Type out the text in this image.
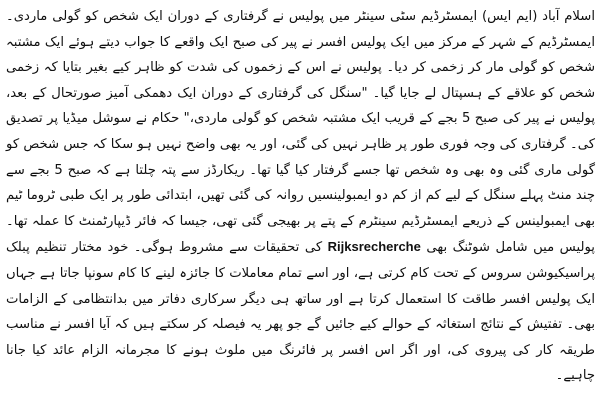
اسلام آباد (ایم ایس) ایمسٹرڈیم سٹی سینٹر میں پولیس نے گرفتاری کے دوران ایک شخص کو گولی ماردی۔ ایمسٹرڈیم کے شہر کے مرکز میں ایک پولیس افسر نے پیر کی صبح ایک واقعے کا جواب دیتے ہوئے ایک مشتبہ شخص کو گولی مار کر زخمی کر دیا۔ پولیس نے اس کے زخموں کی شدت کو ظاہر کیے بغیر بتایا کہ زخمی شخص کو علاقے کے ہسپتال لے جایا گیا۔ "سنگل کی گرفتاری کے دوران ایک دھمکی آمیز صورتحال کے بعد، پولیس نے پیر کی صبح 5 بجے کے قریب ایک مشتبہ شخص کو گولی ماردی،" حکام نے سوشل میڈیا پر تصدیق کی۔ گرفتاری کی وجہ فوری طور پر ظاہر نہیں کی گئی، اور یہ بھی واضح نہیں ہو سکا کہ جس شخص کو گولی ماری گئی وہ بھی وہ شخص تھا جسے گرفتار کیا گیا تھا۔ ریکارڈز سے پتہ چلتا ہے کہ صبح 5 بجے سے چند منٹ پہلے سنگل کے لیے کم از کم دو ایمبولینسیں روانہ کی گئی تھیں، ابتدائی طور پر ایک طبی ٹروما ٹیم بھی ایمبولینس کے ذریعے ایمسٹرڈیم سینٹرم کے پتے پر بھیجی گئی تھی، جیسا کہ فائر ڈیپارٹمنٹ کا عملہ تھا۔ پولیس میں شامل شوٹنگ بھی Rijksrecherche کی تحقیقات سے مشروط ہوگی۔ خود مختار تنظیم پبلک پراسیکیوشن سروس کے تحت کام کرتی ہے، اور اسے تمام معاملات کا جائزہ لینے کا کام سونپا جاتا ہے جہاں ایک پولیس افسر طاقت کا استعمال کرتا ہے اور ساتھ ہی دیگر سرکاری دفاتر میں بدانتظامی کے الزامات بھی۔ تفتیش کے نتائج استغاثہ کے حوالے کیے جائیں گے جو پھر یہ فیصلہ کر سکتے ہیں کہ آیا افسر نے مناسب طریقہ کار کی پیروی کی، اور اگر اس افسر پر فائرنگ میں ملوث ہونے کا مجرمانہ الزام عائد کیا جانا چاہیے۔
